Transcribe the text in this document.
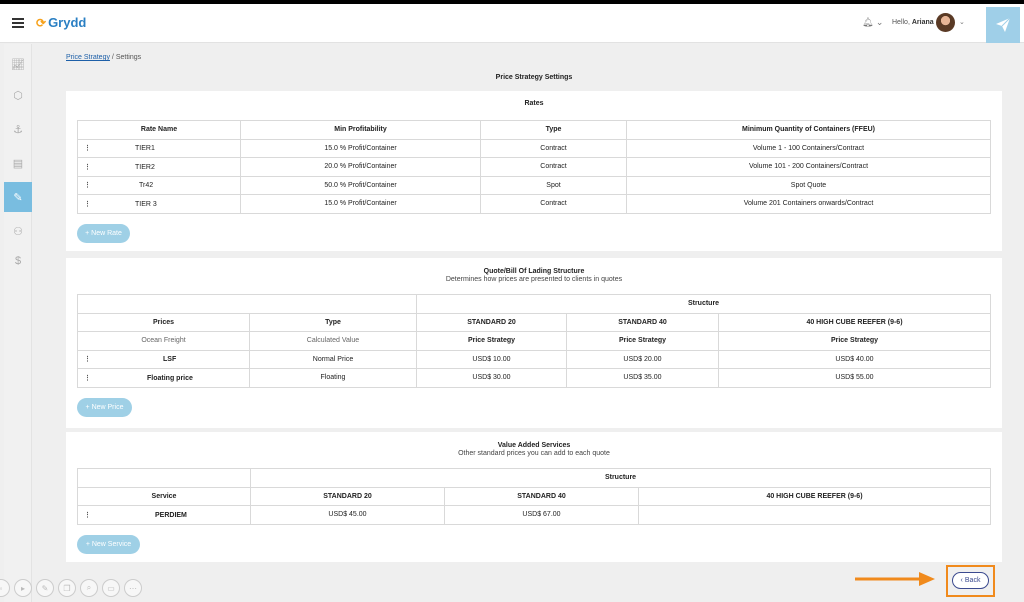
⟳ Grydd	🔔︎ ⌄ Hello, Ariana	⌄
📈︎
⬡
⚓︎
▤
✎
⚇
$
Price Strategy / Settings
Price Strategy Settings
Rates
Rate Name	Min Profitability	Type	Minimum Quantity of Containers (FFEU)
⋮ TIER1	15.0 % Profit/Container	Contract	Volume 1 - 100 Containers/Contract
⋮ TIER2	20.0 % Profit/Container	Contract	Volume 101 - 200 Containers/Contract
⋮ Tr42	50.0 % Profit/Container	Spot	Spot Quote
⋮ TIER 3	15.0 % Profit/Container	Contract	Volume 201 Containers onwards/Contract
+ New Rate
Quote/Bill Of Lading Structure
Determines how prices are presented to clients in quotes
		Structure		
Prices	Type	STANDARD 20	STANDARD 40	40 HIGH CUBE REEFER (9-6)
Ocean Freight	Calculated Value	Price Strategy	Price Strategy	Price Strategy
⋮ LSF	Normal Price	USD$ 10.00	USD$ 20.00	USD$ 40.00
⋮ Floating price	Floating	USD$ 30.00	USD$ 35.00	USD$ 55.00
+ New Price
Value Added Services
Other standard prices you can add to each quote
	Structure		
Service	STANDARD 20	STANDARD 40	40 HIGH CUBE REEFER (9-6)
⋮ PERDIEM	USD$ 45.00	USD$ 67.00	
+ New Service
◦	▸	✎	❐	⌕	▭	⋯
‹ Back
